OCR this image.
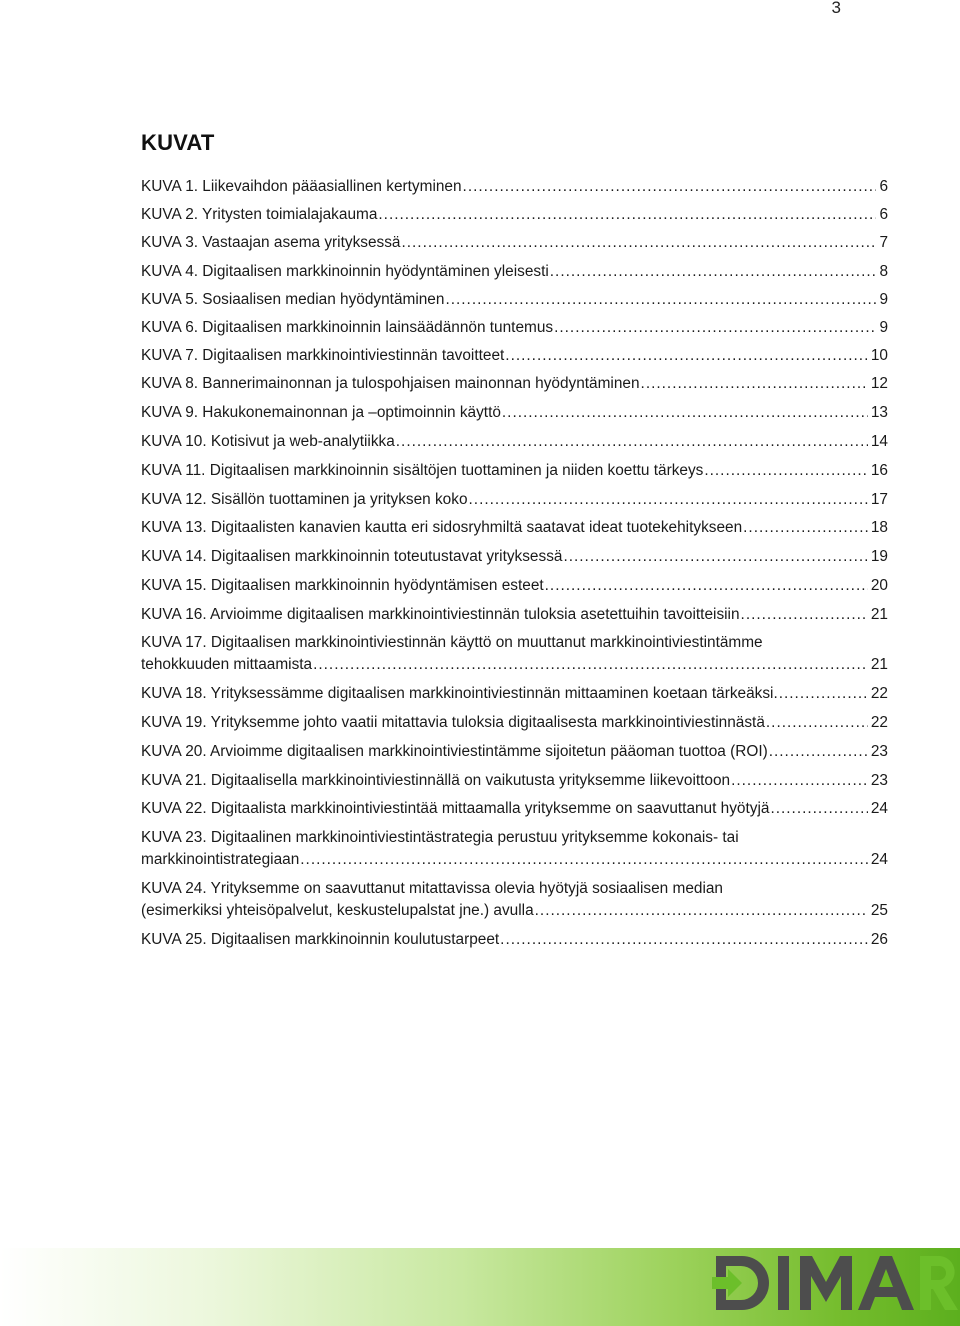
3
KUVAT
KUVA 1. Liikevaihdon pääasiallinen kertyminen .....	6
KUVA 2. Yritysten toimialajakauma .....	6
KUVA 3. Vastaajan asema yrityksessä .....	7
KUVA 4. Digitaalisen markkinoinnin hyödyntäminen yleisesti .....	8
KUVA 5. Sosiaalisen median hyödyntäminen .....	9
KUVA 6. Digitaalisen markkinoinnin lainsäädännön tuntemus .....	9
KUVA 7. Digitaalisen markkinointiviestinnän tavoitteet .....	10
KUVA 8. Bannerimainonnan ja tulospohjaisen mainonnan hyödyntäminen .....	12
KUVA 9. Hakukonemainonnan ja –optimoinnin käyttö .....	13
KUVA 10. Kotisivut ja web-analytiikka .....	14
KUVA 11. Digitaalisen markkinoinnin sisältöjen tuottaminen ja niiden koettu tärkeys .....	16
KUVA 12. Sisällön tuottaminen ja yrityksen koko .....	17
KUVA 13. Digitaalisten kanavien kautta eri sidosryhmiltä saatavat ideat tuotekehitykseen .....	18
KUVA 14. Digitaalisen markkinoinnin toteutustavat yrityksessä .....	19
KUVA 15. Digitaalisen markkinoinnin hyödyntämisen esteet .....	20
KUVA 16. Arvioimme digitaalisen markkinointiviestinnän tuloksia asetettuihin tavoitteisiin .....	21
KUVA 17. Digitaalisen markkinointiviestinnän käyttö on muuttanut markkinointiviestintämme
tehokkuuden mittaamista .....	21
KUVA 18. Yrityksessämme digitaalisen markkinointiviestinnän mittaaminen koetaan tärkeäksi. .....	22
KUVA 19. Yrityksemme johto vaatii mitattavia tuloksia digitaalisesta markkinointiviestinnästä .....	22
KUVA 20. Arvioimme digitaalisen markkinointiviestintämme sijoitetun pääoman tuottoa (ROI) .....	23
KUVA 21. Digitaalisella markkinointiviestinnällä on vaikutusta yrityksemme liikevoittoon .....	23
KUVA 22. Digitaalista markkinointiviestintää mittaamalla yrityksemme on saavuttanut hyötyjä .....	24
KUVA 23. Digitaalinen markkinointiviestintästrategia perustuu yrityksemme kokonais- tai
markkinointistrategiaan .....	24
KUVA 24. Yrityksemme on saavuttanut mitattavissa olevia hyötyjä sosiaalisen median
(esimerkiksi yhteisöpalvelut, keskustelupalstat jne.) avulla .....	25
KUVA 25. Digitaalisen markkinoinnin koulutustarpeet .....	26
